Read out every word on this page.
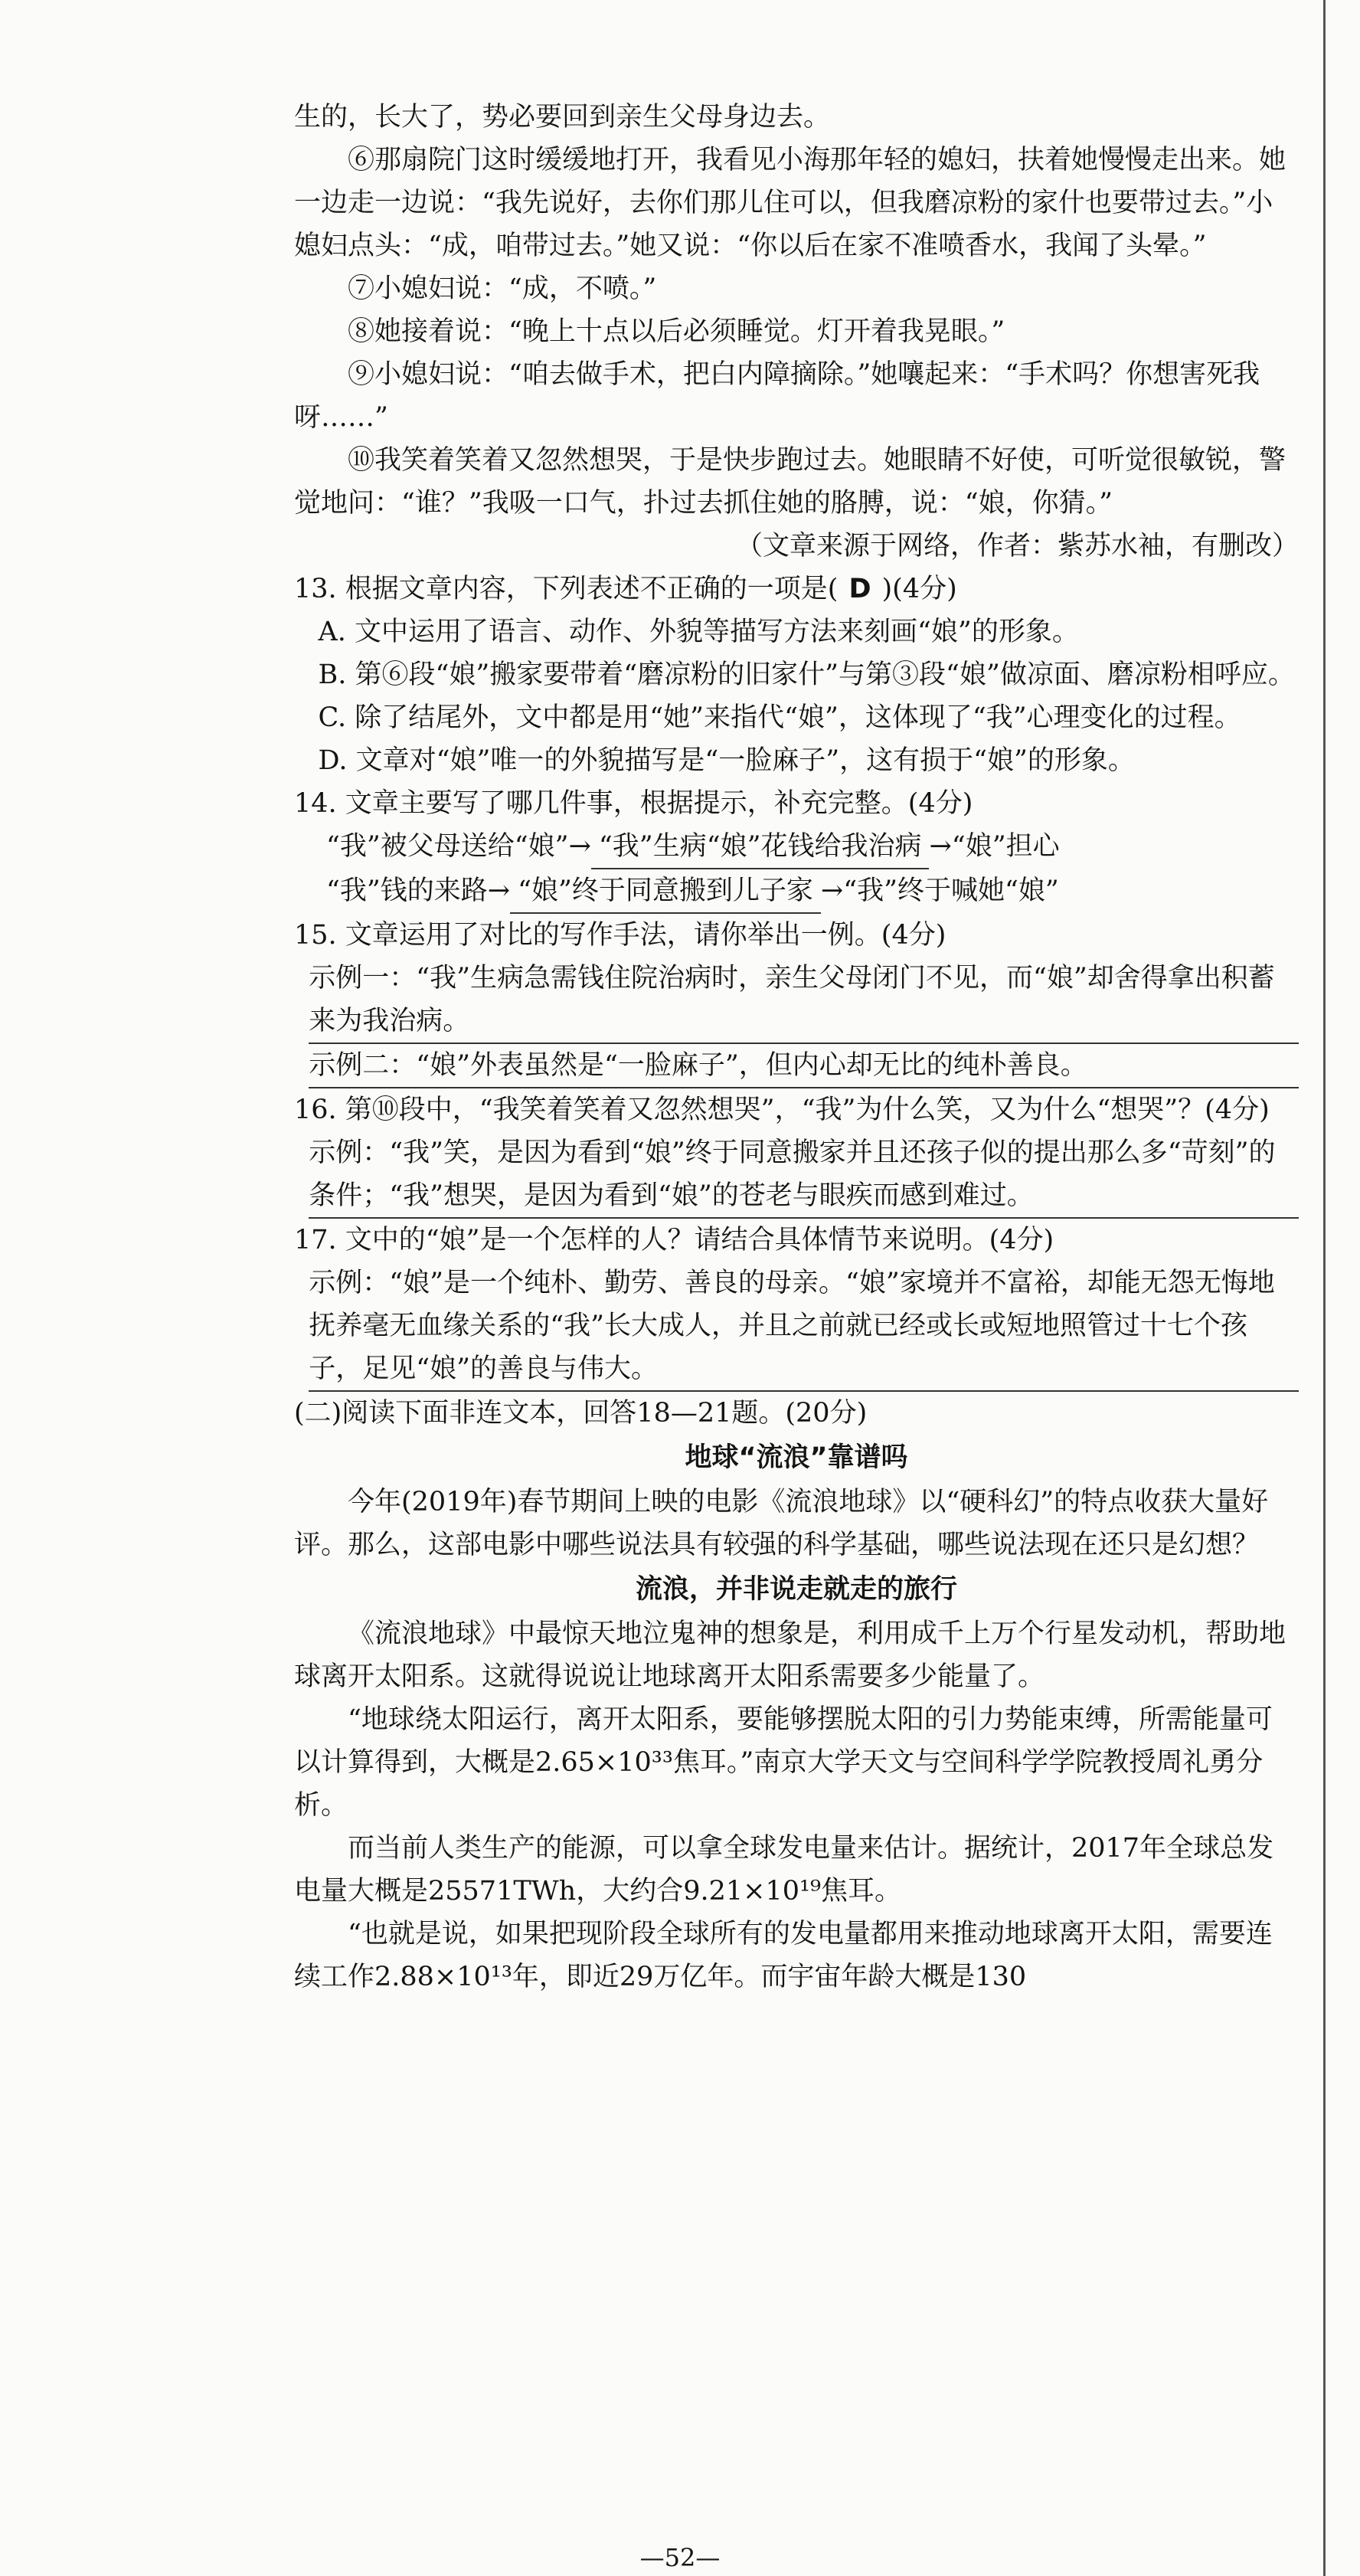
生的，长大了，势必要回到亲生父母身边去。

⑥那扇院门这时缓缓地打开，我看见小海那年轻的媳妇，扶着她慢慢走出来。她一边走一边说：“我先说好，去你们那儿住可以，但我磨凉粉的家什也要带过去。”小媳妇点头：“成，咱带过去。”她又说：“你以后在家不准喷香水，我闻了头晕。”

⑦小媳妇说：“成，不喷。”

⑧她接着说：“晚上十点以后必须睡觉。灯开着我晃眼。”

⑨小媳妇说：“咱去做手术，把白内障摘除。”她嚷起来：“手术吗？你想害死我呀……”

⑩我笑着笑着又忽然想哭，于是快步跑过去。她眼睛不好使，可听觉很敏锐，警觉地问：“谁？”我吸一口气，扑过去抓住她的胳膊，说：“娘，你猜。”

（文章来源于网络，作者：紫苏水袖，有删改）

13. 根据文章内容，下列表述不正确的一项是( D )(4分)

A. 文中运用了语言、动作、外貌等描写方法来刻画“娘”的形象。

B. 第⑥段“娘”搬家要带着“磨凉粉的旧家什”与第③段“娘”做凉面、磨凉粉相呼应。

C. 除了结尾外，文中都是用“她”来指代“娘”，这体现了“我”心理变化的过程。

D. 文章对“娘”唯一的外貌描写是“一脸麻子”，这有损于“娘”的形象。

14. 文章主要写了哪几件事，根据提示，补充完整。(4分)

“我”被父母送给“娘”→ “我”生病“娘”花钱给我治病 →“娘”担心

“我”钱的来路→ “娘”终于同意搬到儿子家 →“我”终于喊她“娘”

15. 文章运用了对比的写作手法，请你举出一例。(4分)

示例一：“我”生病急需钱住院治病时，亲生父母闭门不见，而“娘”却舍得拿出积蓄来为我治病。

示例二：“娘”外表虽然是“一脸麻子”，但内心却无比的纯朴善良。

16. 第⑩段中，“我笑着笑着又忽然想哭”，“我”为什么笑，又为什么“想哭”？(4分)

示例：“我”笑，是因为看到“娘”终于同意搬家并且还孩子似的提出那么多“苛刻”的条件；“我”想哭，是因为看到“娘”的苍老与眼疾而感到难过。

17. 文中的“娘”是一个怎样的人？请结合具体情节来说明。(4分)

示例：“娘”是一个纯朴、勤劳、善良的母亲。“娘”家境并不富裕，却能无怨无悔地抚养毫无血缘关系的“我”长大成人，并且之前就已经或长或短地照管过十七个孩子，足见“娘”的善良与伟大。

(二)阅读下面非连文本，回答18—21题。(20分)

地球“流浪”靠谱吗

今年(2019年)春节期间上映的电影《流浪地球》以“硬科幻”的特点收获大量好评。那么，这部电影中哪些说法具有较强的科学基础，哪些说法现在还只是幻想？

流浪，并非说走就走的旅行

《流浪地球》中最惊天地泣鬼神的想象是，利用成千上万个行星发动机，帮助地球离开太阳系。这就得说说让地球离开太阳系需要多少能量了。

“地球绕太阳运行，离开太阳系，要能够摆脱太阳的引力势能束缚，所需能量可以计算得到，大概是2.65×10³³焦耳。”南京大学天文与空间科学学院教授周礼勇分析。

而当前人类生产的能源，可以拿全球发电量来估计。据统计，2017年全球总发电量大概是25571TWh，大约合9.21×10¹⁹焦耳。

“也就是说，如果把现阶段全球所有的发电量都用来推动地球离开太阳，需要连续工作2.88×10¹³年，即近29万亿年。而宇宙年龄大概是130

—52—
